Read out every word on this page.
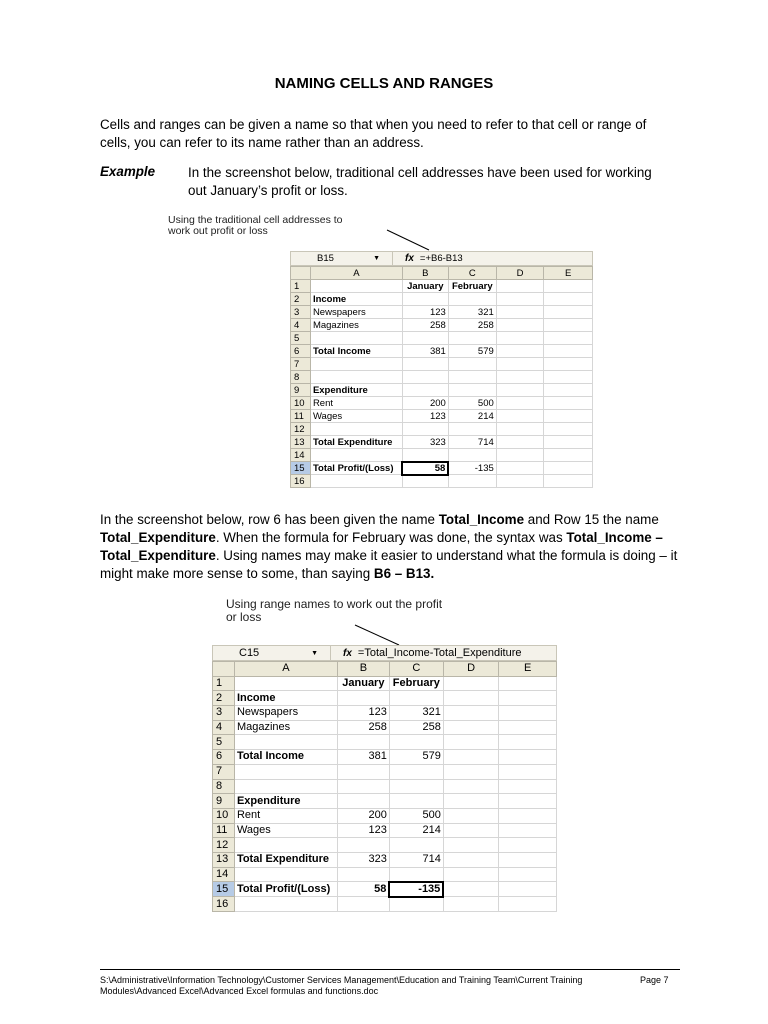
NAMING CELLS AND RANGES
Cells and ranges can be given a name so that when you need to refer to that cell or range of cells, you can refer to its name rather than an address.
Example In the screenshot below, traditional cell addresses have been used for working out January’s profit or loss.
Using the traditional cell addresses to work out profit or loss
B15	▼	fx =+B6-B13
	A	B	C	D	E
1		January	February		
2	Income				
3	Newspapers	123	321		
4	Magazines	258	258		
5					
6	Total Income	381	579		
7					
8					
9	Expenditure				
10	Rent	200	500		
11	Wages	123	214		
12					
13	Total Expenditure	323	714		
14					
15	Total Profit/(Loss)	58	-135		
16					
In the screenshot below, row 6 has been given the name Total_Income and Row 15 the name Total_Expenditure. When the formula for February was done, the syntax was Total_Income – Total_Expenditure. Using names may make it easier to understand what the formula is doing – it might make more sense to some, than saying B6 – B13.
Using range names to work out the profit or loss
C15	▼	fx =Total_Income-Total_Expenditure
	A	B	C	D	E
1		January	February		
2	Income				
3	Newspapers	123	321		
4	Magazines	258	258		
5					
6	Total Income	381	579		
7					
8					
9	Expenditure				
10	Rent	200	500		
11	Wages	123	214		
12					
13	Total Expenditure	323	714		
14					
15	Total Profit/(Loss)	58	-135		
16					
S:\Administrative\Information Technology\Customer Services Management\Education and Training Team\Current Training Modules\Advanced Excel\Advanced Excel formulas and functions.doc
Page 7
